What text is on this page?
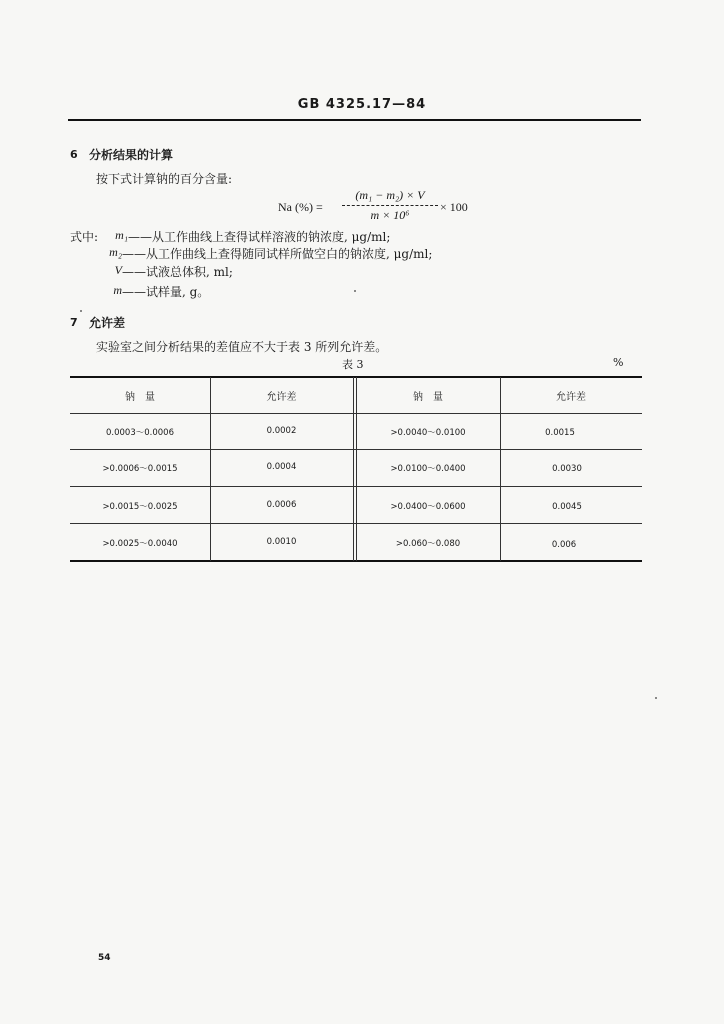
GB 4325.17—84
6 分析结果的计算
按下式计算钠的百分含量:
Na (%) =
(m₁ − m₂) × V
m × 10⁶
× 100
式中:	m₁ ——从工作曲线上查得试样溶液的钠浓度, μg/ml;
m₂ ——从工作曲线上查得随同试样所做空白的钠浓度, μg/ml;
V ——试液总体积, ml;
m ——试样量, g。
7 允许差
实验室之间分析结果的差值应不大于表 3 所列允许差。
表 3	%
钠　量	允许差	钠　量	允许差
0.0003～0.0006	0.0002	>0.0040～0.0100	0.0015
>0.0006～0.0015	0.0004	>0.0100～0.0400	0.0030
>0.0015～0.0025	0.0006	>0.0400～0.0600	0.0045
>0.0025～0.0040	0.0010	>0.060～0.080	0.006
54
